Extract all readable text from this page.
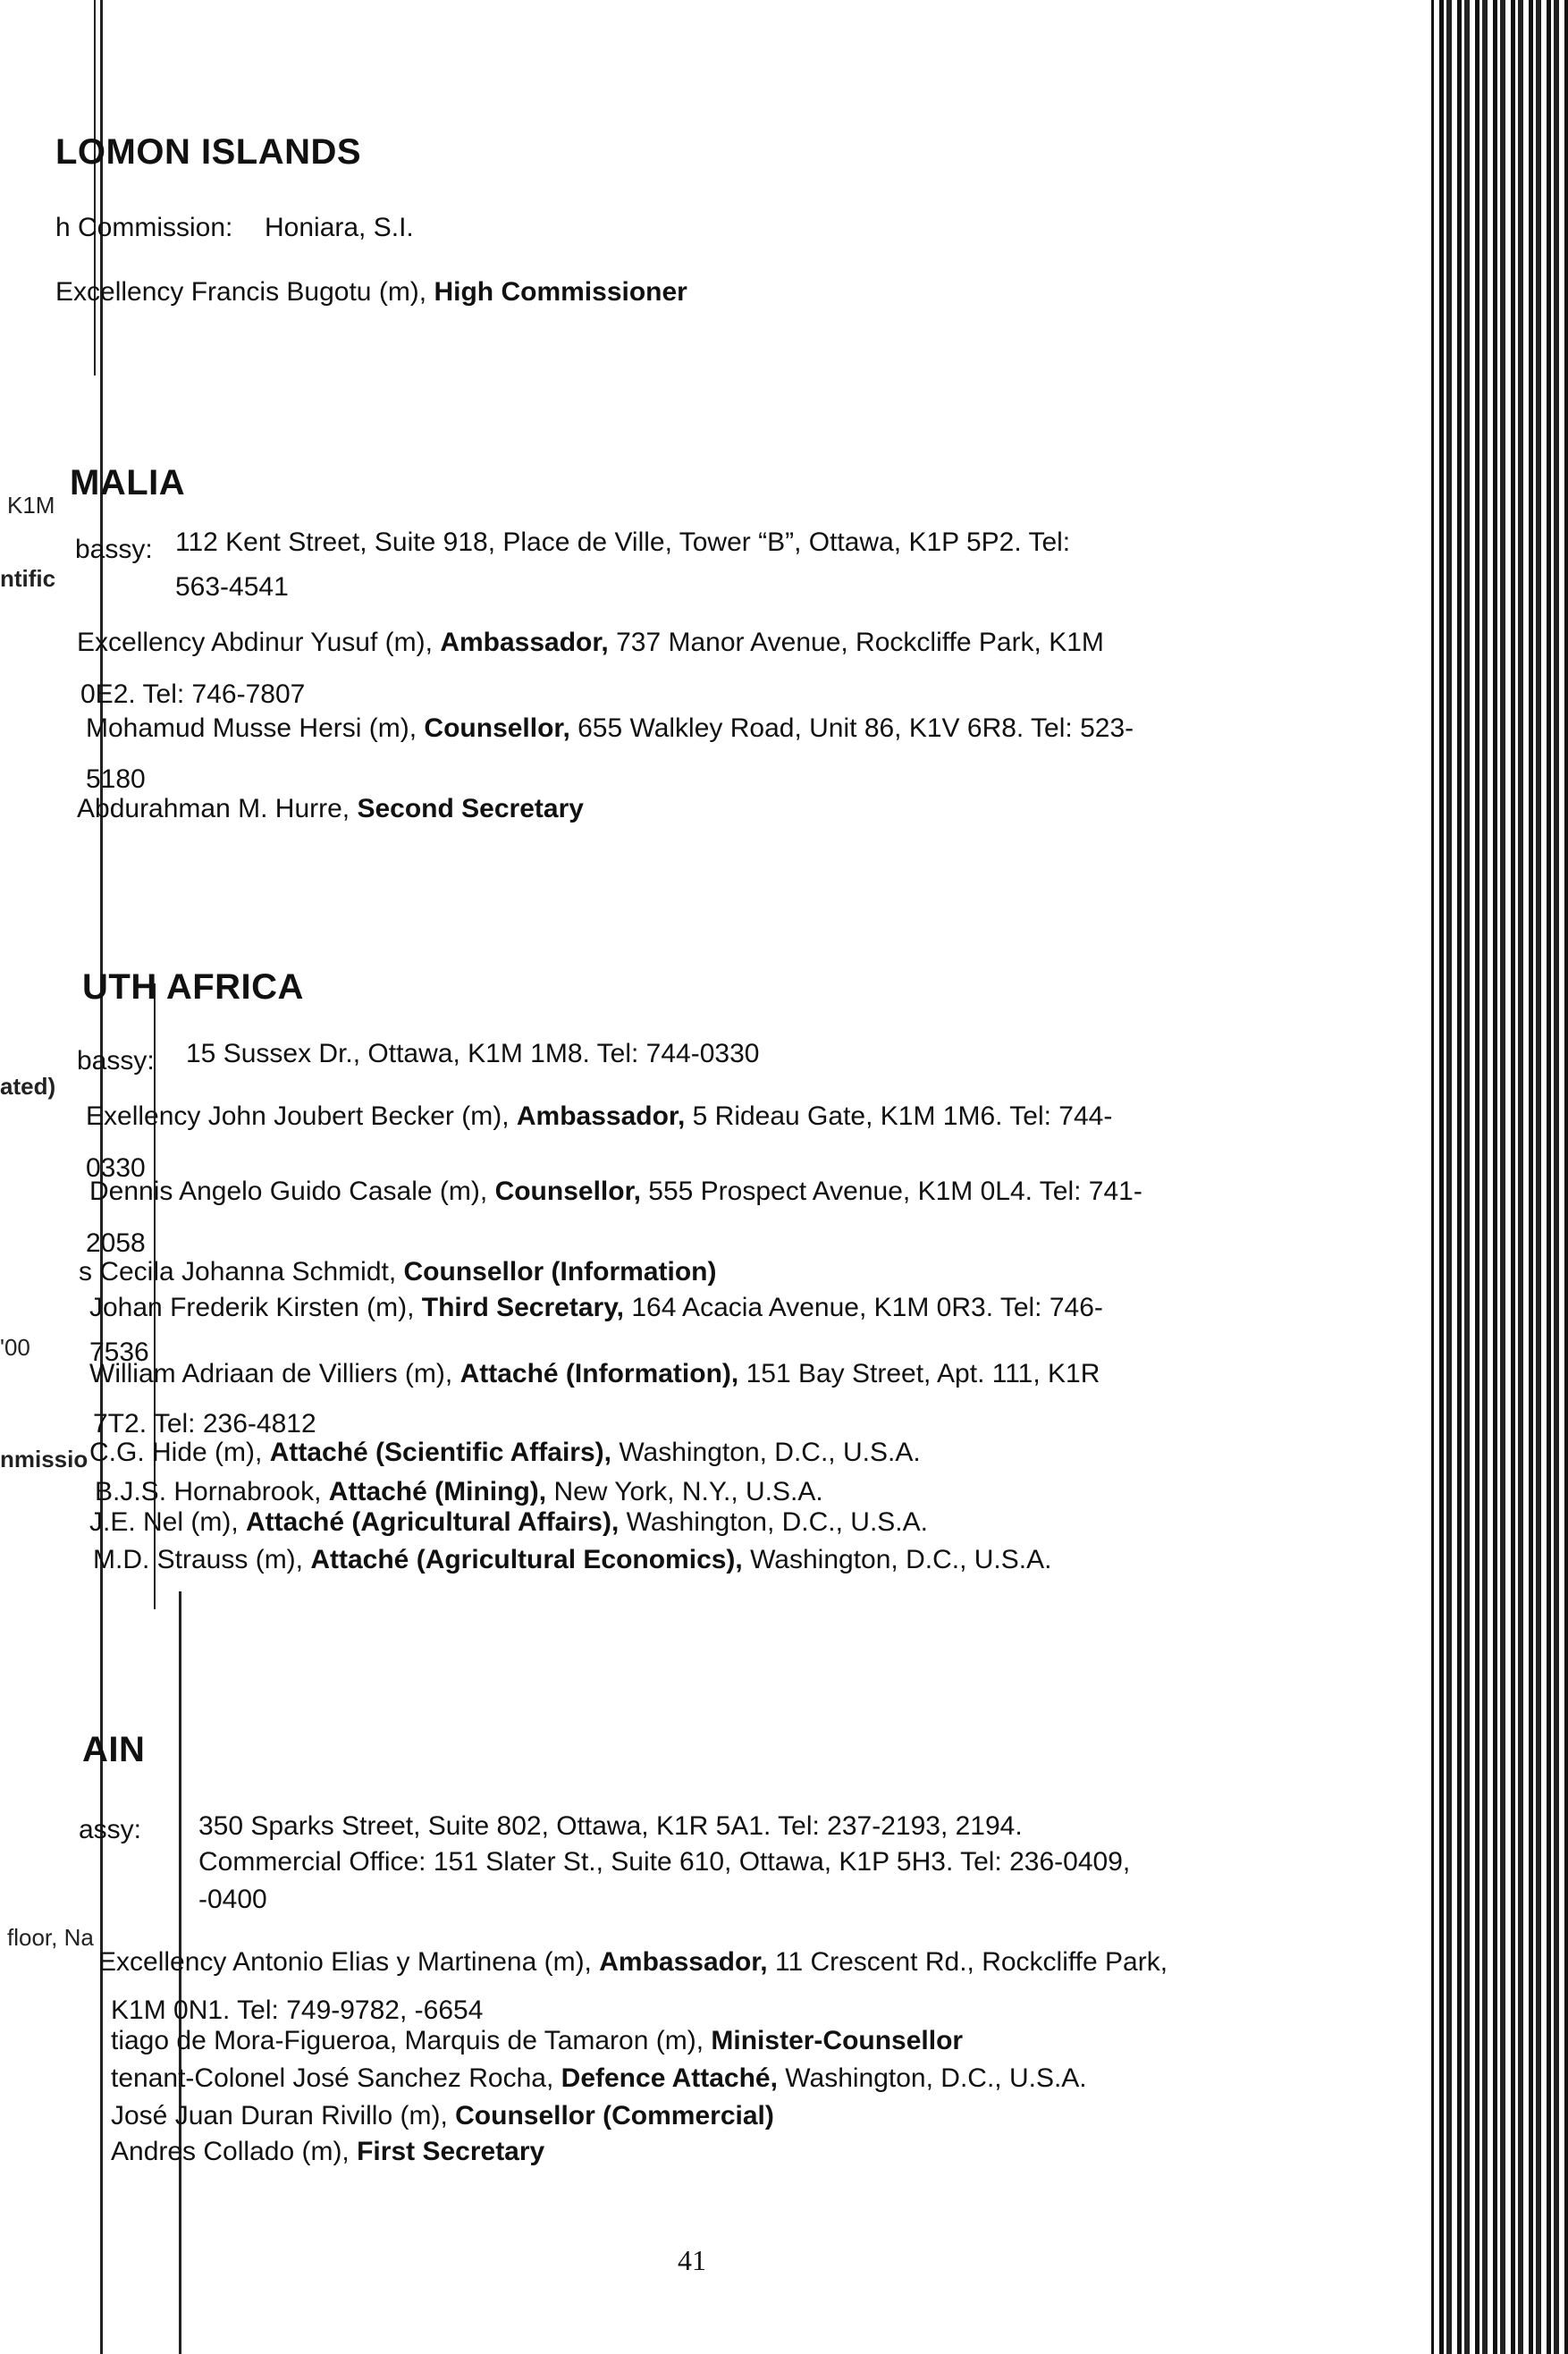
K1M
ntific
ated)
'00
nmissio
floor, Na
LOMON ISLANDS
h Commission: Honiara, S.I.
Excellency Francis Bugotu (m), High Commissioner
MALIA
bassy: 112 Kent Street, Suite 918, Place de Ville, Tower “B”, Ottawa, K1P 5P2. Tel:
563-4541
Excellency Abdinur Yusuf (m), Ambassador, 737 Manor Avenue, Rockcliffe Park, K1M
0E2. Tel: 746-7807
Mohamud Musse Hersi (m), Counsellor, 655 Walkley Road, Unit 86, K1V 6R8. Tel: 523-
5180
Abdurahman M. Hurre, Second Secretary
UTH AFRICA
bassy: 15 Sussex Dr., Ottawa, K1M 1M8. Tel: 744-0330
Exellency John Joubert Becker (m), Ambassador, 5 Rideau Gate, K1M 1M6. Tel: 744-
0330
Dennis Angelo Guido Casale (m), Counsellor, 555 Prospect Avenue, K1M 0L4. Tel: 741-
2058
s Cecila Johanna Schmidt, Counsellor (Information)
Johan Frederik Kirsten (m), Third Secretary, 164 Acacia Avenue, K1M 0R3. Tel: 746-
7536
William Adriaan de Villiers (m), Attaché (Information), 151 Bay Street, Apt. 111, K1R
7T2. Tel: 236-4812
C.G. Hide (m), Attaché (Scientific Affairs), Washington, D.C., U.S.A.
B.J.S. Hornabrook, Attaché (Mining), New York, N.Y., U.S.A.
J.E. Nel (m), Attaché (Agricultural Affairs), Washington, D.C., U.S.A.
M.D. Strauss (m), Attaché (Agricultural Economics), Washington, D.C., U.S.A.
AIN
assy: 350 Sparks Street, Suite 802, Ottawa, K1R 5A1. Tel: 237-2193, 2194.
Commercial Office: 151 Slater St., Suite 610, Ottawa, K1P 5H3. Tel: 236-0409,
-0400
Excellency Antonio Elias y Martinena (m), Ambassador, 11 Crescent Rd., Rockcliffe Park,
K1M 0N1. Tel: 749-9782, -6654
tiago de Mora-Figueroa, Marquis de Tamaron (m), Minister-Counsellor
tenant-Colonel José Sanchez Rocha, Defence Attaché, Washington, D.C., U.S.A.
José Juan Duran Rivillo (m), Counsellor (Commercial)
Andres Collado (m), First Secretary
41
